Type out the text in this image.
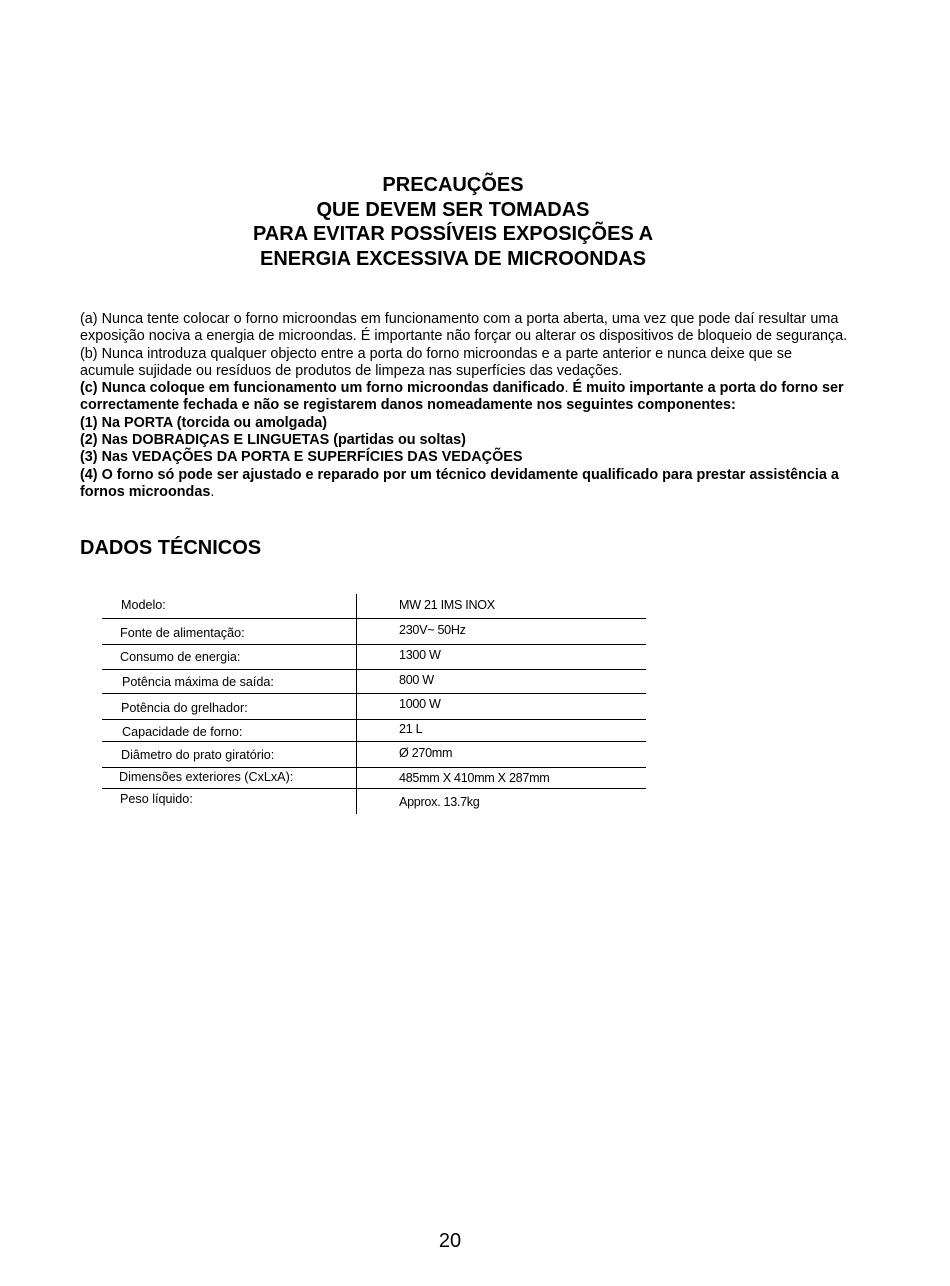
PRECAUÇÕES
QUE DEVEM SER TOMADAS
PARA EVITAR POSSÍVEIS EXPOSIÇÕES A
ENERGIA EXCESSIVA DE MICROONDAS
(a) Nunca tente colocar o forno microondas em funcionamento com a porta aberta, uma vez que pode daí resultar uma exposição nociva a energia de microondas. É importante não forçar ou alterar os dispositivos de bloqueio de segurança.
(b) Nunca introduza qualquer objecto entre a porta do forno microondas e a parte anterior e nunca deixe que se acumule sujidade ou resíduos de produtos de limpeza nas superfícies das vedações.
(c) Nunca coloque em funcionamento um forno microondas danificado. É muito importante a porta do forno ser correctamente fechada e não se registarem danos nomeadamente nos seguintes componentes:
(1) Na PORTA (torcida ou amolgada)
(2) Nas DOBRADIÇAS E LINGUETAS (partidas ou soltas)
(3) Nas VEDAÇÕES DA PORTA E SUPERFÍCIES DAS VEDAÇÕES
(4) O forno só pode ser ajustado e reparado por um técnico devidamente qualificado para prestar assistência a fornos microondas.
DADOS TÉCNICOS
Modelo:	MW 21 IMS INOX
Fonte de alimentação:	230V~ 50Hz
Consumo de energia:	1300 W
Potência máxima de saída:	800 W
Potência do grelhador:	1000 W
Capacidade de forno:	21 L
Diâmetro do prato giratório:	Ø 270mm
Dimensões exteriores (CxLxA):	485mm X 410mm X 287mm
Peso líquido:	Approx. 13.7kg
20
